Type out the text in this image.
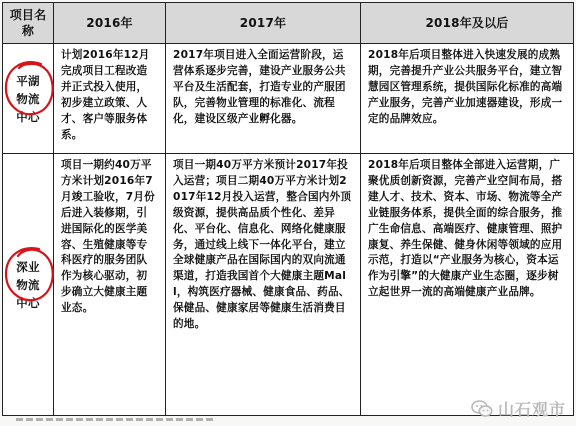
项目名称	2016年	2017年	2018年及以后

平湖物流中心	计划2016年12月完成项目工程改造并正式投入使用，初步建立政策、人才、客户等服务体系。	2017年项目进入全面运营阶段，运营体系逐步完善，建设产业服务公共平台及生活配套，打造专业的产服团队，完善物业管理的标准化、流程化，建设区级产业孵化器。	2018年后项目整体进入快速发展的成熟期，完善提升产业公共服务平台，建立智慧园区管理系统，提供国际化标准的高端产业服务，完善产业加速器建设，形成一定的品牌效应。

深业物流中心	项目一期约40万平方米计划2016年7月竣工验收，7月份后进入装修期，引进国际化的医学美容、生殖健康等专科医疗的服务团队作为核心驱动，初步确立大健康主题业态。	项目一期40万平方米预计2017年投入运营；项目二期40万平方米计划2017年12月投入运营，整合国内外顶级资源，提供高品质个性化、差异化、平台化、信息化、网络化健康服务，通过线上线下一体化平台，建立全球健康产品在国际国内的双向流通渠道，打造我国首个大健康主题Mall，构筑医疗器械、健康食品、药品、保健品、健康家居等健康生活消费目的地。	2018年后项目整体全部进入运营期，广聚优质创新资源，完善产业空间布局，搭建人才、技术、资本、市场、物流等全产业链服务体系，提供全面的综合服务，推广生命信息、高端医疗、健康管理、照护康复、养生保健、健身休闲等领域的应用示范，打造以“产业服务为核心，资本运作为引擎”的大健康产业生态圈，逐步树立起世界一流的高端健康产业品牌。
山石观市
